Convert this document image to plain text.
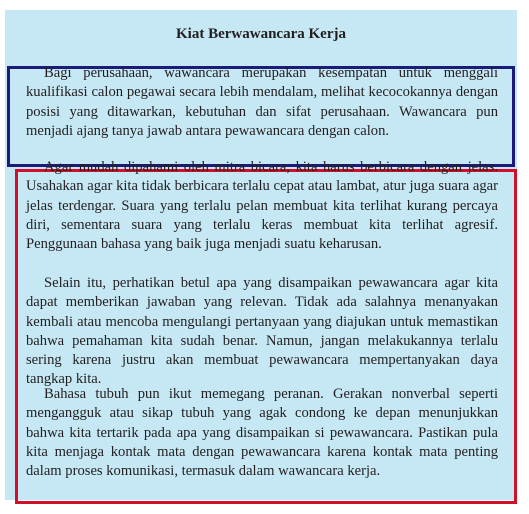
Kiat Berwawancara Kerja

Bagi perusahaan, wawancara merupakan kesempatan untuk menggali kualifikasi calon pegawai secara lebih mendalam, melihat kecocokannya dengan posisi yang ditawarkan, kebutuhan dan sifat perusahaan. Wawancara pun menjadi ajang tanya jawab antara pewawancara dengan calon.

Agar mudah dipahami oleh mitra bicara, kita harus berbicara dengan jelas. Usahakan agar kita tidak berbicara terlalu cepat atau lambat, atur juga suara agar jelas terdengar. Suara yang terlalu pelan membuat kita terlihat kurang percaya diri, sementara suara yang terlalu keras membuat kita terlihat agresif. Penggunaan bahasa yang baik juga menjadi suatu keharusan.

Selain itu, perhatikan betul apa yang disampaikan pewawancara agar kita dapat memberikan jawaban yang relevan. Tidak ada salahnya menanyakan kembali atau mencoba mengulangi pertanyaan yang diajukan untuk memastikan bahwa pemahaman kita sudah benar. Namun, jangan melakukannya terlalu sering karena justru akan membuat pewawancara mempertanyakan daya tangkap kita.

Bahasa tubuh pun ikut memegang peranan. Gerakan nonverbal seperti mengangguk atau sikap tubuh yang agak condong ke depan menunjukkan bahwa kita tertarik pada apa yang disampaikan si pewawancara. Pastikan pula kita menjaga kontak mata dengan pewawancara karena kontak mata penting dalam proses komunikasi, termasuk dalam wawancara kerja.
